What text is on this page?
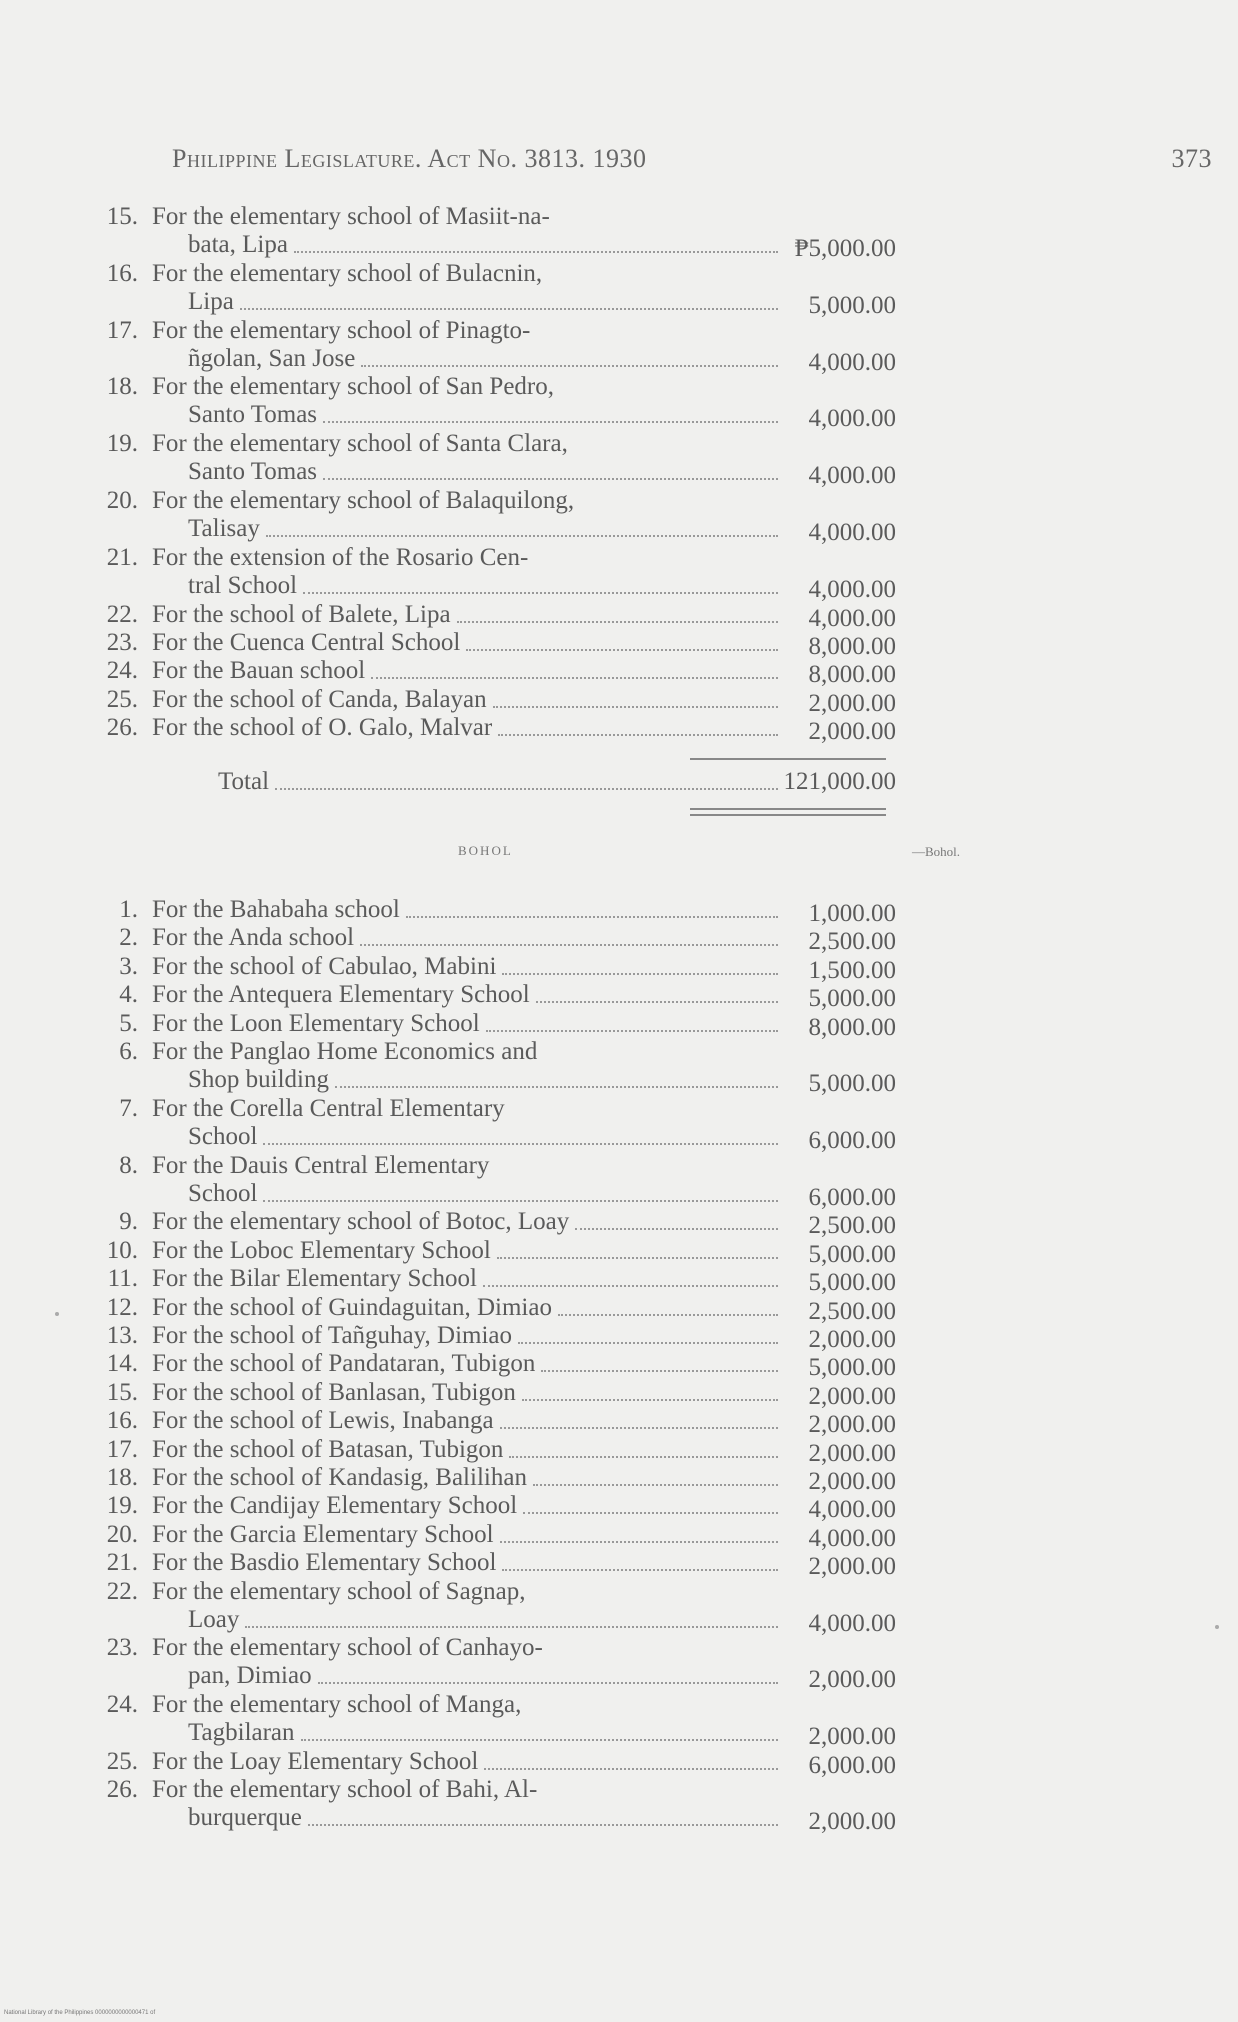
Philippine Legislature. Act No. 3813. 1930	373
15. For the elementary school of Masiit-na-
bata, Lipa	₱5,000.00
16. For the elementary school of Bulacnin,
Lipa	5,000.00
17. For the elementary school of Pinagto-
ñgolan, San Jose	4,000.00
18. For the elementary school of San Pedro,
Santo Tomas	4,000.00
19. For the elementary school of Santa Clara,
Santo Tomas	4,000.00
20. For the elementary school of Balaquilong,
Talisay	4,000.00
21. For the extension of the Rosario Cen-
tral School	4,000.00
22. For the school of Balete, Lipa	4,000.00
23. For the Cuenca Central School	8,000.00
24. For the Bauan school	8,000.00
25. For the school of Canda, Balayan	2,000.00
26. For the school of O. Galo, Malvar	2,000.00
Total	121,000.00
BOHOL	—Bohol.
1. For the Bahabaha school	1,000.00
2. For the Anda school	2,500.00
3. For the school of Cabulao, Mabini	1,500.00
4. For the Antequera Elementary School	5,000.00
5. For the Loon Elementary School	8,000.00
6. For the Panglao Home Economics and
Shop building	5,000.00
7. For the Corella Central Elementary
School	6,000.00
8. For the Dauis Central Elementary
School	6,000.00
9. For the elementary school of Botoc, Loay	2,500.00
10. For the Loboc Elementary School	5,000.00
11. For the Bilar Elementary School	5,000.00
12. For the school of Guindaguitan, Dimiao	2,500.00
13. For the school of Tañguhay, Dimiao	2,000.00
14. For the school of Pandataran, Tubigon	5,000.00
15. For the school of Banlasan, Tubigon	2,000.00
16. For the school of Lewis, Inabanga	2,000.00
17. For the school of Batasan, Tubigon	2,000.00
18. For the school of Kandasig, Balilihan	2,000.00
19. For the Candijay Elementary School	4,000.00
20. For the Garcia Elementary School	4,000.00
21. For the Basdio Elementary School	2,000.00
22. For the elementary school of Sagnap,
Loay	4,000.00
23. For the elementary school of Canhayo-
pan, Dimiao	2,000.00
24. For the elementary school of Manga,
Tagbilaran	2,000.00
25. For the Loay Elementary School	6,000.00
26. For the elementary school of Bahi, Al-
burquerque	2,000.00
National Library of the Philippines 0000000000000471 of
